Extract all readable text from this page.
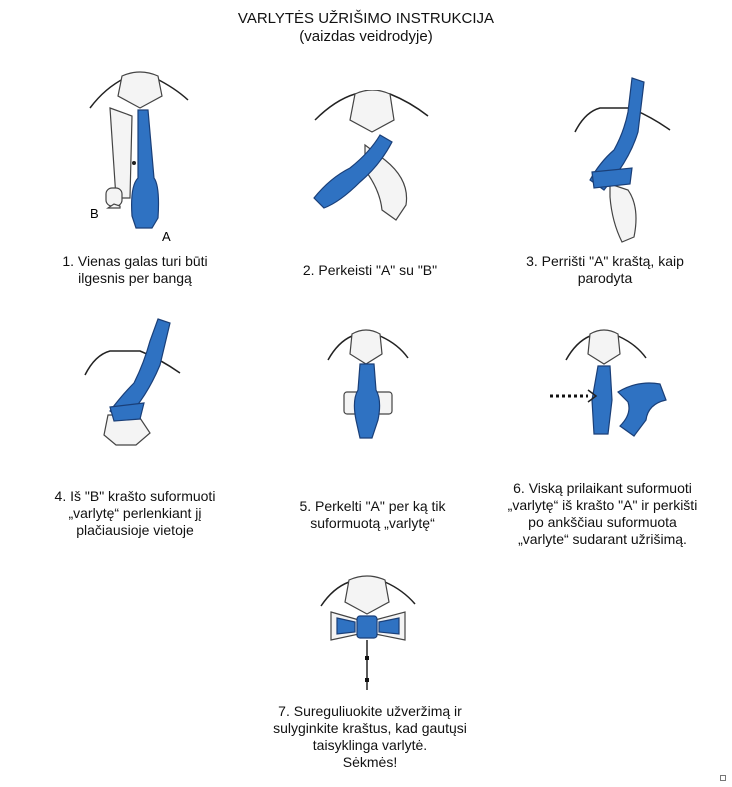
VARLYTĖS UŽRIŠIMO INSTRUKCIJA
(vaizdas veidrodyje)
B
A
1. Vienas galas turi būti
ilgesnis per bangą	2. Perkeisti "A" su "B"
3. Perrišti "A" kraštą, kaip
parodyta
4. Iš "B" krašto suformuoti
„varlytę“ perlenkiant jį
plačiausioje vietoje
5. Perkelti "A" per ką tik
suformuotą „varlytę“
6. Viską prilaikant suformuoti
„varlytę“ iš krašto "A" ir perkišti
po ankščiau suformuota
„varlyte“ sudarant užrišimą.
7. Sureguliuokite užveržimą ir
sulyginkite kraštus, kad gautųsi
taisyklinga varlytė.
Sėkmės!
